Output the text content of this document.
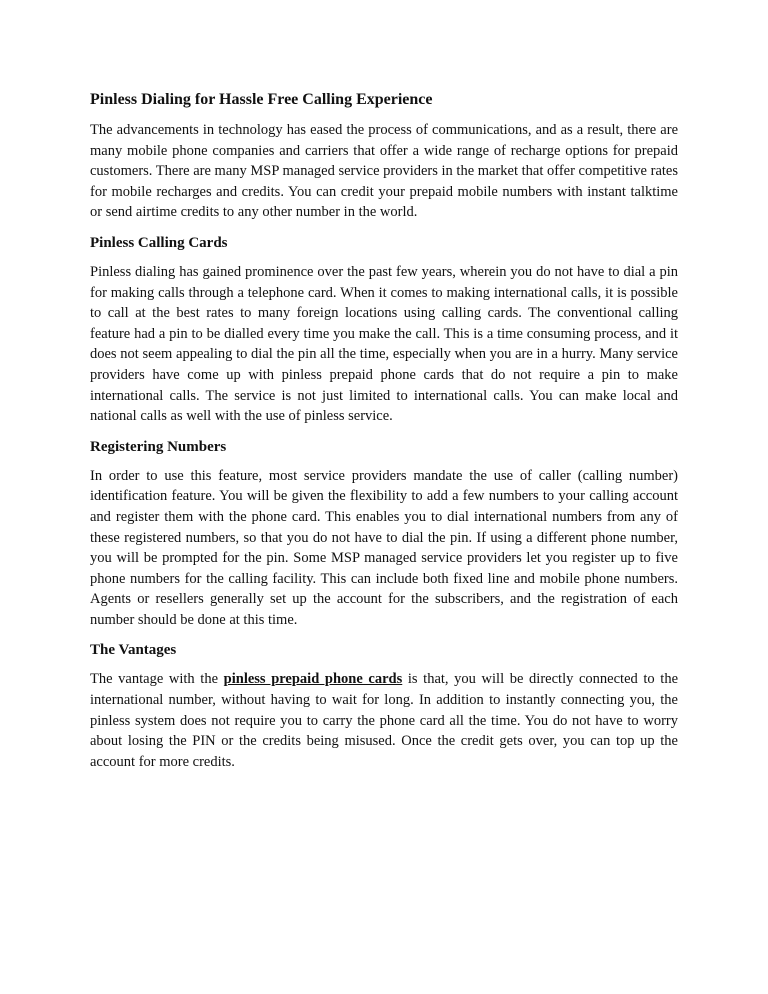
Pinless Dialing for Hassle Free Calling Experience

The advancements in technology has eased the process of communications, and as a result, there are many mobile phone companies and carriers that offer a wide range of recharge options for prepaid customers. There are many MSP managed service providers in the market that offer competitive rates for mobile recharges and credits. You can credit your prepaid mobile numbers with instant talktime or send airtime credits to any other number in the world.

Pinless Calling Cards

Pinless dialing has gained prominence over the past few years, wherein you do not have to dial a pin for making calls through a telephone card. When it comes to making international calls, it is possible to call at the best rates to many foreign locations using calling cards. The conventional calling feature had a pin to be dialled every time you make the call. This is a time consuming process, and it does not seem appealing to dial the pin all the time, especially when you are in a hurry. Many service providers have come up with pinless prepaid phone cards that do not require a pin to make international calls. The service is not just limited to international calls. You can make local and national calls as well with the use of pinless service.

Registering Numbers

In order to use this feature, most service providers mandate the use of caller (calling number) identification feature. You will be given the flexibility to add a few numbers to your calling account and register them with the phone card. This enables you to dial international numbers from any of these registered numbers, so that you do not have to dial the pin. If using a different phone number, you will be prompted for the pin. Some MSP managed service providers let you register up to five phone numbers for the calling facility. This can include both fixed line and mobile phone numbers. Agents or resellers generally set up the account for the subscribers, and the registration of each number should be done at this time.

The Vantages

The vantage with the pinless prepaid phone cards is that, you will be directly connected to the international number, without having to wait for long. In addition to instantly connecting you, the pinless system does not require you to carry the phone card all the time. You do not have to worry about losing the PIN or the credits being misused. Once the credit gets over, you can top up the account for more credits.
